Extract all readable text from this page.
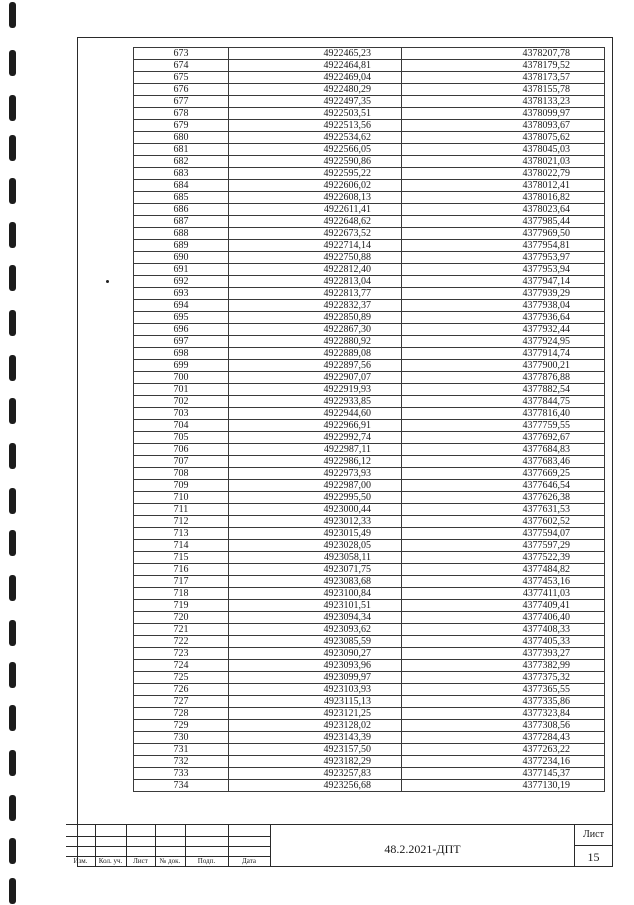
673	4922465,23	4378207,78
674	4922464,81	4378179,52
675	4922469,04	4378173,57
676	4922480,29	4378155,78
677	4922497,35	4378133,23
678	4922503,51	4378099,97
679	4922513,56	4378093,67
680	4922534,62	4378075,62
681	4922566,05	4378045,03
682	4922590,86	4378021,03
683	4922595,22	4378022,79
684	4922606,02	4378012,41
685	4922608,13	4378016,82
686	4922611,41	4378023,64
687	4922648,62	4377985,44
688	4922673,52	4377969,50
689	4922714,14	4377954,81
690	4922750,88	4377953,97
691	4922812,40	4377953,94
692	4922813,04	4377947,14
693	4922813,77	4377939,29
694	4922832,37	4377938,04
695	4922850,89	4377936,64
696	4922867,30	4377932,44
697	4922880,92	4377924,95
698	4922889,08	4377914,74
699	4922897,56	4377900,21
700	4922907,07	4377876,88
701	4922919,93	4377882,54
702	4922933,85	4377844,75
703	4922944,60	4377816,40
704	4922966,91	4377759,55
705	4922992,74	4377692,67
706	4922987,11	4377684,83
707	4922986,12	4377683,46
708	4922973,93	4377669,25
709	4922987,00	4377646,54
710	4922995,50	4377626,38
711	4923000,44	4377631,53
712	4923012,33	4377602,52
713	4923015,49	4377594,07
714	4923028,05	4377597,29
715	4923058,11	4377522,39
716	4923071,75	4377484,82
717	4923083,68	4377453,16
718	4923100,84	4377411,03
719	4923101,51	4377409,41
720	4923094,34	4377406,40
721	4923093,62	4377408,33
722	4923085,59	4377405,33
723	4923090,27	4377393,27
724	4923093,96	4377382,99
725	4923099,97	4377375,32
726	4923103,93	4377365,55
727	4923115,13	4377335,86
728	4923121,25	4377323,84
729	4923128,02	4377308,56
730	4923143,39	4377284,43
731	4923157,50	4377263,22
732	4923182,29	4377234,16
733	4923257,83	4377145,37
734	4923256,68	4377130,19
Изм.	Кол. уч.	Лист	№ док.	Подп.	Дата
48.2.2021-ДПТ
Лист
15
